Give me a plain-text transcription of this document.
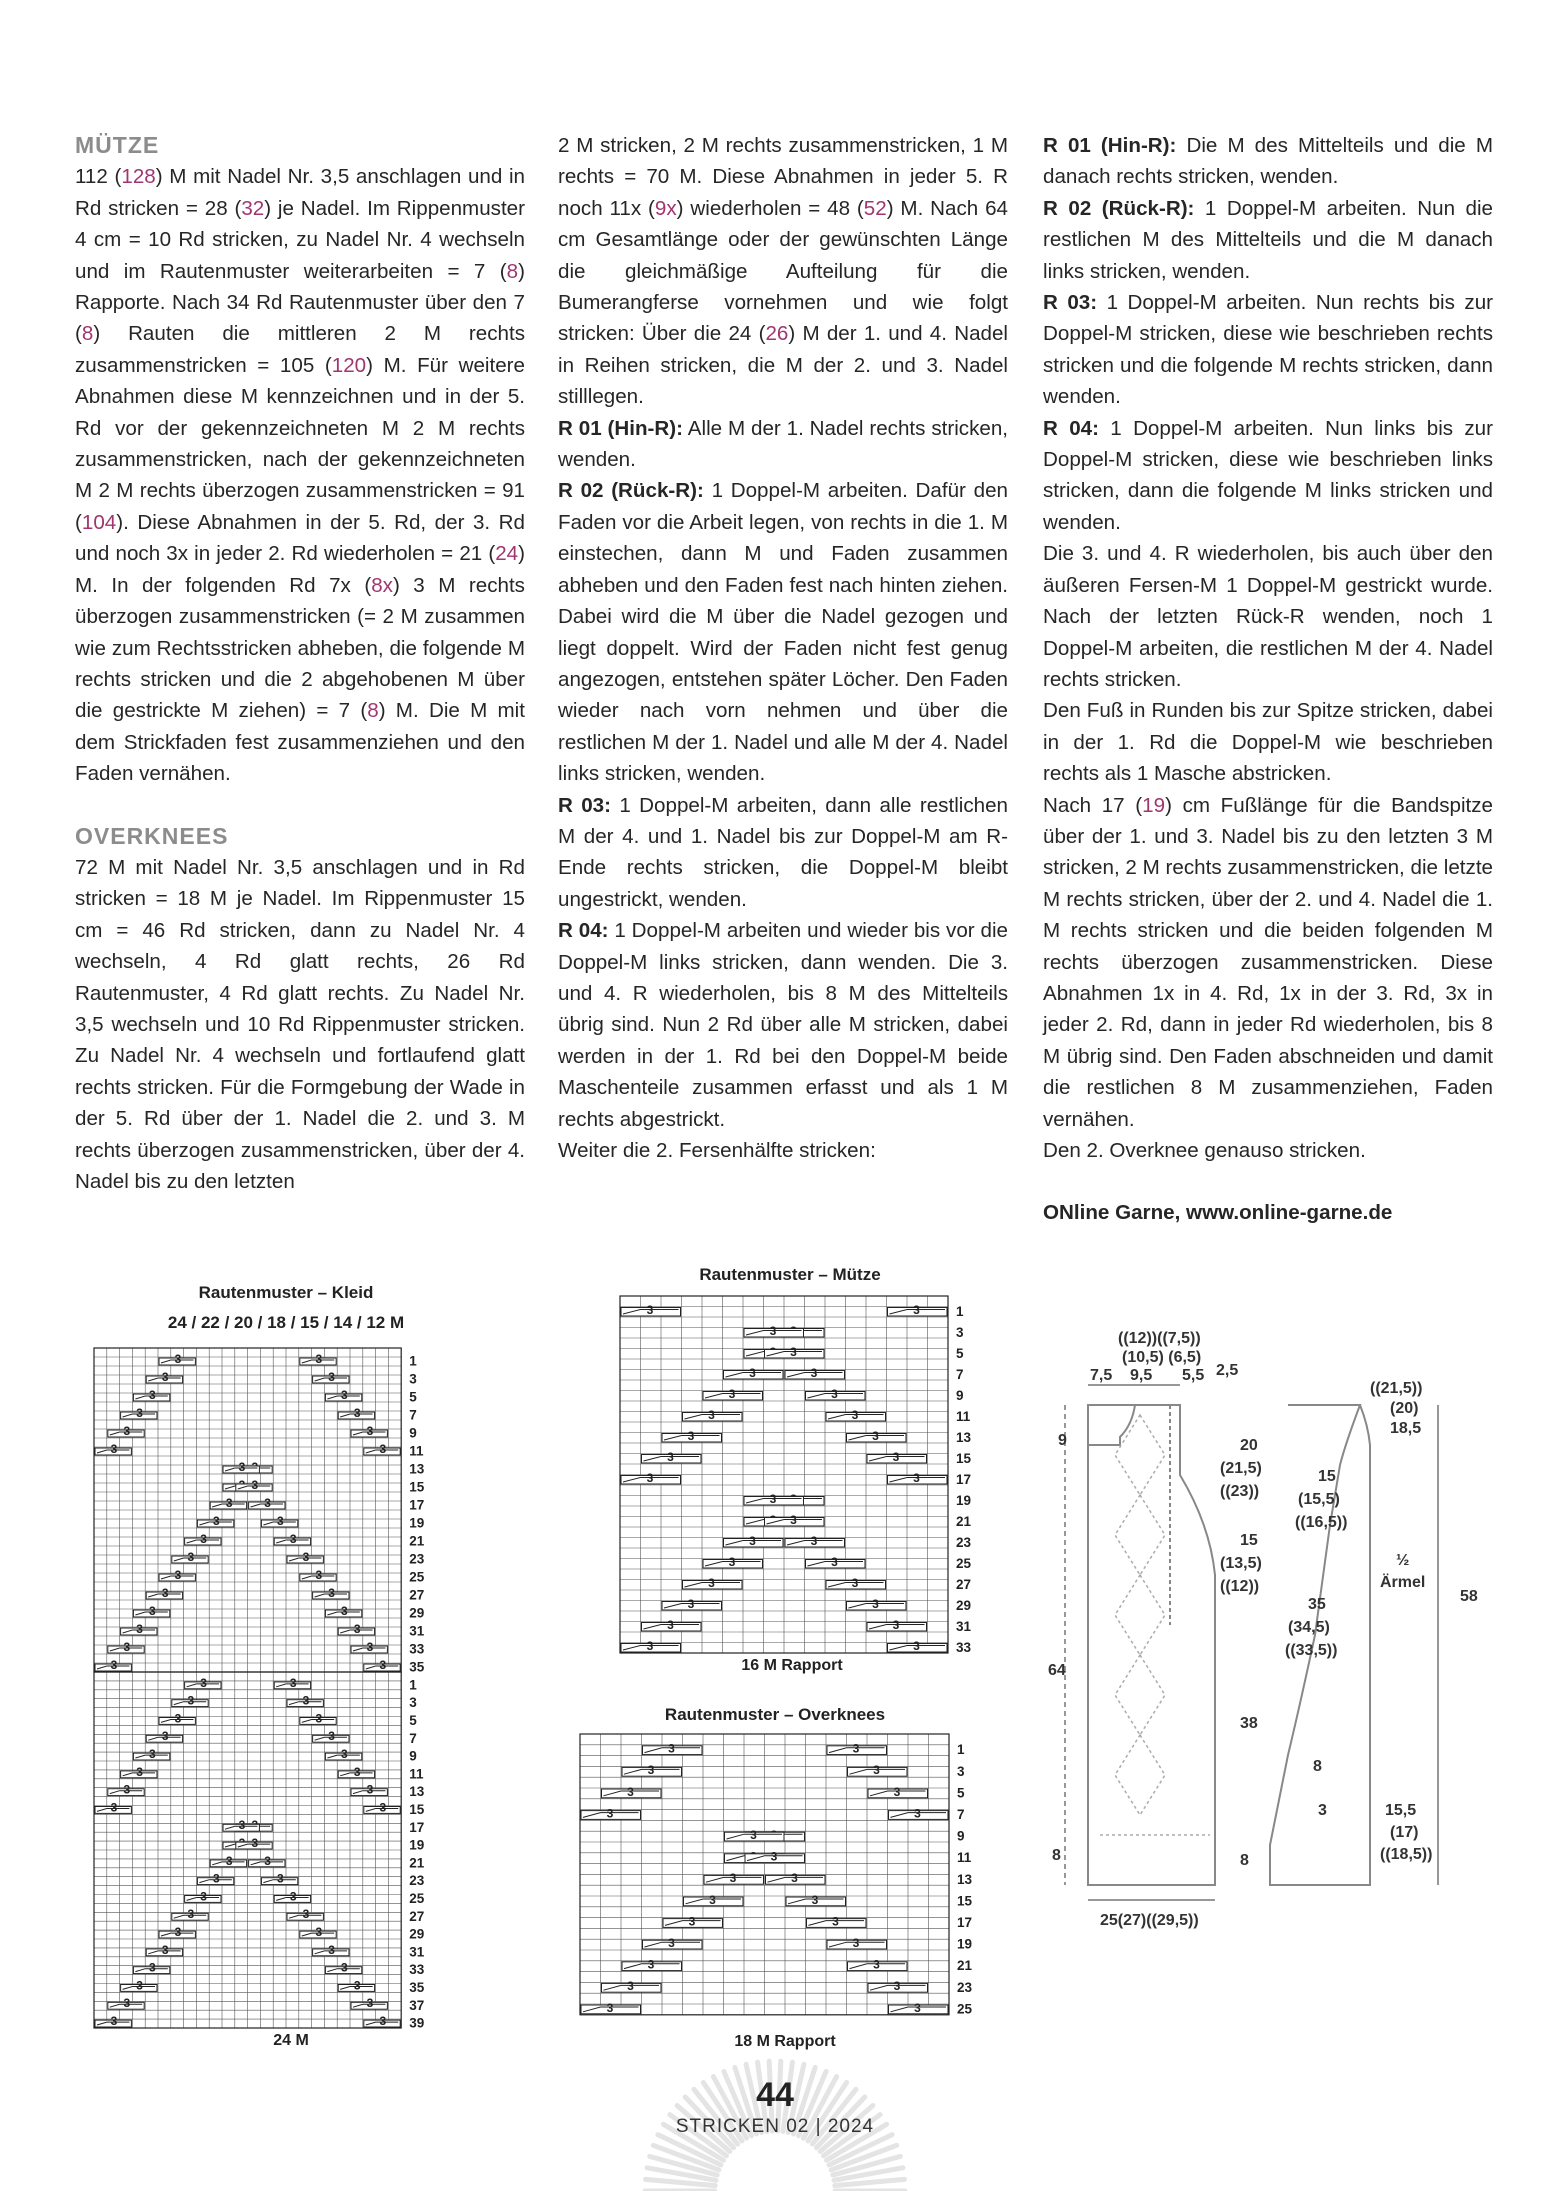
MÜTZE

112 (128) M mit Nadel Nr. 3,5 anschlagen und in Rd stricken = 28 (32) je Nadel. Im Rippenmuster 4 cm = 10 Rd stricken, zu Nadel Nr. 4 wechseln und im Rautenmuster weiterarbeiten = 7 (8) Rapporte. Nach 34 Rd Rautenmuster über den 7 (8) Rauten die mittleren 2 M rechts zusammenstricken = 105 (120) M. Für weitere Abnahmen diese M kennzeichnen und in der 5. Rd vor der gekennzeichneten M 2 M rechts zusammenstricken, nach der gekennzeichneten M 2 M rechts überzogen zusammenstricken = 91 (104). Diese Abnahmen in der 5. Rd, der 3. Rd und noch 3x in jeder 2. Rd wiederholen = 21 (24) M. In der folgenden Rd 7x (8x) 3 M rechts überzogen zusammenstricken (= 2 M zusammen wie zum Rechtsstricken abheben, die folgende M rechts stricken und die 2 abgehobenen M über die gestrickte M ziehen) = 7 (8) M. Die M mit dem Strickfaden fest zusammenziehen und den Faden vernähen.

OVERKNEES

72 M mit Nadel Nr. 3,5 anschlagen und in Rd stricken = 18 M je Nadel. Im Rippenmuster 15 cm = 46 Rd stricken, dann zu Nadel Nr. 4 wechseln, 4 Rd glatt rechts, 26 Rd Rautenmuster, 4 Rd glatt rechts. Zu Nadel Nr. 3,5 wechseln und 10 Rd Rippenmuster stricken. Zu Nadel Nr. 4 wechseln und fortlaufend glatt rechts stricken. Für die Formgebung der Wade in der 5. Rd über der 1. Nadel die 2. und 3. M rechts überzogen zusammenstricken, über der 4. Nadel bis zu den letzten

2 M stricken, 2 M rechts zusammenstricken, 1 M rechts = 70 M. Diese Abnahmen in jeder 5. R noch 11x (9x) wiederholen = 48 (52) M. Nach 64 cm Gesamtlänge oder der gewünschten Länge die gleichmäßige Aufteilung für die Bumerangferse vornehmen und wie folgt stricken: Über die 24 (26) M der 1. und 4. Nadel in Reihen stricken, die M der 2. und 3. Nadel stilllegen.

R 01 (Hin-R): Alle M der 1. Nadel rechts stricken, wenden.

R 02 (Rück-R): 1 Doppel-M arbeiten. Dafür den Faden vor die Arbeit legen, von rechts in die 1. M einstechen, dann M und Faden zusammen abheben und den Faden fest nach hinten ziehen. Dabei wird die M über die Nadel gezogen und liegt doppelt. Wird der Faden nicht fest genug angezogen, entstehen später Löcher. Den Faden wieder nach vorn nehmen und über die restlichen M der 1. Nadel und alle M der 4. Nadel links stricken, wenden.

R 03: 1 Doppel-M arbeiten, dann alle restlichen M der 4. und 1. Nadel bis zur Doppel-M am R-Ende rechts stricken, die Doppel-M bleibt ungestrickt, wenden.

R 04: 1 Doppel-M arbeiten und wieder bis vor die Doppel-M links stricken, dann wenden. Die 3. und 4. R wiederholen, bis 8 M des Mittelteils übrig sind. Nun 2 Rd über alle M stricken, dabei werden in der 1. Rd bei den Doppel-M beide Maschenteile zusammen erfasst und als 1 M rechts abgestrickt.

Weiter die 2. Fersenhälfte stricken:

R 01 (Hin-R): Die M des Mittelteils und die M danach rechts stricken, wenden.

R 02 (Rück-R): 1 Doppel-M arbeiten. Nun die restlichen M des Mittelteils und die M danach links stricken, wenden.

R 03: 1 Doppel-M arbeiten. Nun rechts bis zur Doppel-M stricken, diese wie beschrieben rechts stricken und die folgende M rechts stricken, dann wenden.

R 04: 1 Doppel-M arbeiten. Nun links bis zur Doppel-M stricken, diese wie beschrieben links stricken, dann die folgende M links stricken und wenden.

Die 3. und 4. R wiederholen, bis auch über den äußeren Fersen-M 1 Doppel-M gestrickt wurde. Nach der letzten Rück-R wenden, noch 1 Doppel-M arbeiten, die restlichen M der 4. Nadel rechts stricken.

Den Fuß in Runden bis zur Spitze stricken, dabei in der 1. Rd die Doppel-M wie beschrieben rechts als 1 Masche abstricken.

Nach 17 (19) cm Fußlänge für die Bandspitze über der 1. und 3. Nadel bis zu den letzten 3 M stricken, 2 M rechts zusammenstricken, die letzte M rechts stricken, über der 2. und 4. Nadel die 1. M rechts stricken und die beiden folgenden M rechts überzogen zusammenstricken. Diese Abnahmen 1x in 4. Rd, 1x in der 3. Rd, 3x in jeder 2. Rd, dann in jeder Rd wiederholen, bis 8 M übrig sind. Den Faden abschneiden und damit die restlichen 8 M zusammenziehen, Faden vernähen.

Den 2. Overknee genauso stricken.

ONline Garne, www.online-garne.de

Rautenmuster – Kleid
24 / 22 / 20 / 18 / 15 / 14 / 12 M
35
33
31
29
27
25
23
21
19
17
15
13
11
9
7
5
3
1
3	3
3	3
3	3
3	3
3	3
3	3
3	3
3	3
3	3
3	3
3
3
3	3
3	3
3	3
3	3
3	3
3	3
39
37
35
33
31
29
27
25
23
21
19
17
15
13
11
9
7
5
3
1
3	3
3	3
3	3
3	3
3	3
3	3
3	3
3	3
3	3
3	3
3
3
3	3
3	3
3	3
3	3
3	3
3	3
3	3
3	3
24 M
Rautenmuster – Mütze
33
31
29
27
25
23
21
19
17
15
13
11
9
7
5
3
1
3	3
3	3
3	3
3	3
3	3
3	3
3
3
3	3
3	3
3	3
3	3
3	3
3	3
3
3
3	3
16 M Rapport
Rautenmuster – Overknees
25
23
21
19
17
15
13
11
9
7
5
3
1
3	3
3	3
3	3
3	3
3	3
3	3
3	3
3
3
3	3
3	3
3	3
3	3
18 M Rapport
((12))((7,5))
(10,5) (6,5)
7,5 9,5 5,5 2,5
9
64
8
20
(21,5)
((23))
15
(13,5)
((12))
38
8
25(27)((29,5))
((21,5))
(20)
18,5
15
(15,5)
((16,5))
35
(34,5)
((33,5))
½
Ärmel
58
8
3	15,5
(17)
((18,5))
44
STRICKEN 02 | 2024
